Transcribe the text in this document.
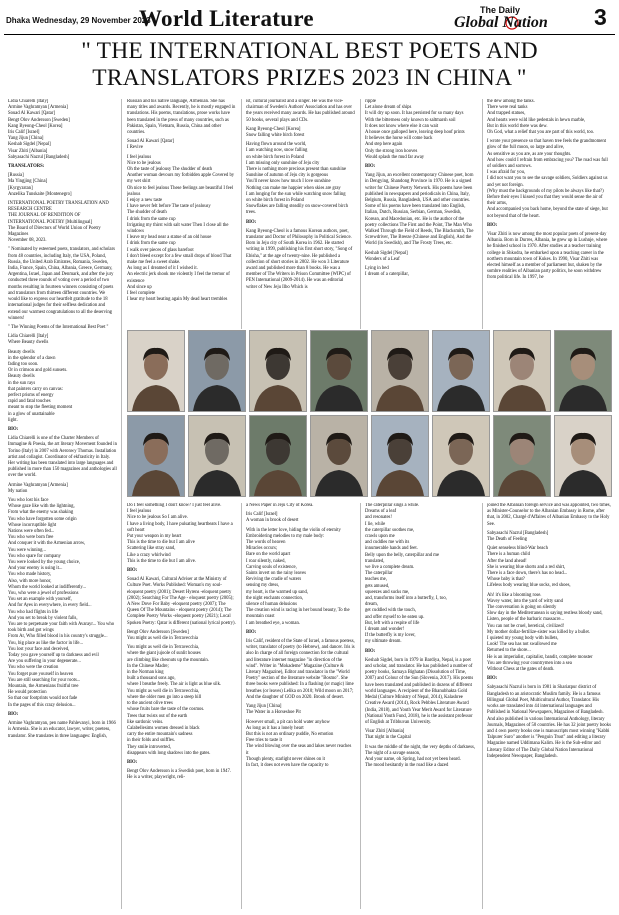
Dhaka Wednesday, 29 November 2023
World Literature	The Daily
Global Nation 3
" THE INTERNATIONAL BEST POETS AND TRANSLATORS PRIZES 2023 IN CHINA "

Lidia Chiarelli [Italy]
Armine Vaghramyan [Armenia]
Souad Al Kawari [Qatar]
Bengt Olov Andersson [Sweden]
Kang Byeong-Cheol [Korea]
Iris Calif [Israel]
Yang Jijun [China]
Keshab Sigdel [Nepal]
Visar Zhiti [Albania]
Sabyasachi Nazrul [Bangladesh]

TRANSLATORS:

[Russia]
Ma Yingjing [China]
[Kyrgyzstan]
Anzelika Tunskaite [Montenegro]

INTERNATIONAL POETRY TRANSLATION AND RESEARCH CENTRE
THE JOURNAL OF RENDITION OF INTERNATIONAL POETRY [Multilingual]
The Board of Directors of World Union of Poetry Magazines
November 08, 2023.

" Nominated by esteemed poets, translators, and scholars from 48 countries, including Italy, the USA, Poland, Russia, the United Arab Emirates, Romania, Sweden, India, France, Spain, China, Albania, Greece, Germany, Argentina, Israel, Japan and Denmark, and after the jury conducted three rounds of voting over a period of two months resulting in fourteen winners consisting of poets and translators from thirteen different countries. We would like to express our heartfelt gratitude to the 18 international judges for their selfless dedication and extend our warmest congratulations to all the deserving winners!

" The Winning Poems of the International Best Poet "

Lidia Chiarelli [Italy]
Where Beauty dwells

Beauty dwells
in the splendor of a dawn
fading too soon.
Or in crimson and gold sunsets.
Beauty dwells
in the sun rays
that painters carry on canvas:
perfect prisms of energy
rapid and fatal touches
meant to stop the fleeting moment
in a glow of unattainable
light.

BIO:

Lidia Chiarelli is one of the Charter Members of Immagine & Poesia, the art literary Movement founded in Torino (Italy) in 2007 with Aeronwy Thomas. Installation artist and collagist. Coordinator of ekfrasticity in Italy. Her writing has been translated into large languages and published in more than 150 magazines and anthologies all over the world.

Armine Vaghramyan [Armenia]
My nation

You who lost his face
Whose gaze like with the lightning,
From what the enemy was shaking
You who have forgotten some origin
Whose incorruptible light
Nations were often fed...
You who were born free
And conquer it with the Armenian arrow,
You were winning...
You who spare for company
You were looked by the young choice,
And your enemy is using it...
You who made history,
Also, with more honor,
Whom the world looked at indifferently...
You, who were a jewel of professions
You set an example with yourself,
And for Ayes in everywhere, in every field...
You who had flights in life
And you set to break by violent falls,
You are to perpetuate your faith with Avarayr... You who took birth and got wings
From Ar, Who filled blood in his country's struggle...
You, big place as like the factor in life...
You lost your face and deceived,
Today you gave yourself up to darkness and evil
Are you suffering in your degenerate...
You who were the creation
You forget pure yourself in heaven
You are still searching for your roots...
Mountain, the Armenians fruitful tree
He would protection
So that our footprints would not fade
In the pages of this crazy delusion...

BIO:

Armine Vaghramyan, pen name Pahlevanyi, born in 1966 is Armenia. She is an educator, lawyer, writer, poetess, translator. She translates in three languages: English,

Russian and his native language, Armenian. She has many titles and awards. Recently, he is mostly engaged in translations. His poems, translations, prose works have been translated in the press of many countries, such as Pakistan, Spain, Vietnam, Russia, China and other countries.

Souad Al Kawari [Qatar]
I Revive

I feel jealous
Nice to be jealous
Oh the taste of jealousy The shudder of death
Another woman devours my forbidden apple Covered by my wet shirt
Oh nice to feel jealous These feelings are beautiful I feel jealous
I enjoy a new taste
I have never felt before The taste of jealousy
The shudder of death
I drink from the same cup
Irrigating my thirst with salt water Then I close all the windows
I leave my head near a statue of an old house
I drink from the same cup
I walk over pieces of glass barefoot
I don't bleed except for a few small drops of blood That make me feel a sweet shake.
As long as I dreamed of it I wished it.
An electric jerk shook me violently I feel the tremor of existence
And since up
I feel complete
I hear my heart beating again My dead heart trembles

ist, cultural journalist and a singer. He was the vice-chairman of Sweden's Authors' Association and has over the years received many awards. He has published around 50 books, several plays and CDs.

Kang Byeong-Cheol [Korea]
Snow falling white birch forest

Having flown around the world,
I am watching now, snow falling
on white birch forest in Poland
I am missing only sunshine of Jeju city
There is nothing more precious present than sunshine
Sunshine of autumn of Jeju city is gorgeous
You'll never know how much I love sunshine
Nothing can make me happier when skies are gray
I am longing for the sun while watching snow falling
on white birch forest in Poland
Snowflakes are falling steadily on snow-covered birch trees.

BIO:

Kang Byeong-Cheol is a famous Korean authors, poet, translator and Doctor of Philosophy in Political Science. Born in Jeju city of South Korea in 1962. He started writing in 1999, publishing his first short story, "Song of Ebisha," at the age of twenty-nine. He published a collection of short stories in 2002. He won 3 Literature award and published more than 8 books. He was a member of The Writers in Prison Committee (WIPC) of PEN International (2009-2014). He was an editorial writer of New Jeju Ilbo Which is

ripple
Let alone dream of ships
It will dry up soon. It has persisted for so many days
With the bitterness only known to saltmarsh soil
It does not know where else it can wait
A house once galloped here, leaving deep hoof prints
It believes the horse will come back
And step here again
Only the strong iron hooves
Would splash the mud far away

BIO:

Yang Jijun, an excellent contemporary Chinese poet, born in Dengying, Shandong Province in 1970. He is a signed writer for Chinese Poetry Network. His poems have been published in newspapers and periodicals in China, Italy, Belgium, Russia, Bangladesh, USA and other countries. Some of his poems have been translated into English, Italian, Dutch, Russian, Serbian, German, Swedish, Korean, and Macedonian, etc. He is the author of the poetry collections The First and the Point, The Man Who Walked Through the Field of Reeds, The Blacksmith, The Screwdriver, The Breeze (Chinese and English), And the World (in Swedish), and The Frosty Trees, etc.

Keshab Sigdel [Nepal]
Wonders of a Leaf

Lying in bed
I dream of a caterpillar,

the dew among the tanks.
There were real tanks
And trapped statues,
And hearts were wild like pedestals in hewn marble,
But in this world there was dew.
Oh God, what a relief that you are part of this world, too.

I wrote your presence so that haven tree feels the grandmoment glow of the full moon, so large and alive,
As sensitive as you are, as are your thoughts.
And how could I refrain from embracing you? The road was full of soldiers and sorrows.
I was afraid for you,
I did not want you to see the savage soldiers, Soldiers against us and yet not foreign.
(Why must the backgrounds of my pilots be always like that?)
Before their eyes I kissed you that they would sense the air of their arms,
And accompanied you back home, beyond the state of siege, but not beyond that of the heart.

BIO:

Visar Zhiti is now among the most popular poets of present-day Albania. Born in Durres, Albania, he grew up in Lushnje, where he finished school in 1970. After studies at a teacher training college in Shkodra, he embarked upon a teaching career in the northern mountain town of Kukes. In 1990, Visar Zhiti was elected himself as a member of parliament but, shaken by the sombre realities of Albanian party politics, he soon withdrew from political life. In 1997, he

Do I feel something I don't know? I just feel alive.
I feel jealous
Nice to be jealous So I am alive.
I have a living body, I have pulsating heartbeats I have a soft heart
Put your weapon in my heart
This is the time to die but I am alive
Scattering like stray sand,
Like a crazy whirlwind
This is the time to die but I am alive.

BIO:

Souad Al Kawari, Cultural Adviser at the Ministry of Culture Poet. Works Published: Woman's my soul-eloquent poetry (2001); Desert Hyrens -eloquent poetry (2002); Searching For The Age - eloquent poetry (2005); A New Dove For Baby -eloquent poetry (2007); The Queen Of The Mountains - eloquent poetry (2014); The Complete Poetry Works -eloquent poetry (2021); Local Spoken Poetry: Qatar is different (national lyrical poetry).

Bengt Olov Andersson [Sweden]
You might as well die in Terravecchia

You might as well die in Terravecchia,
where the giant jujoole of sunlit houses
are climbing like chesnuts up the mountain.
In the Chinese Madre;
in the Norman king
built a thousand sons ago,
where I breathe freely. The air is light as blue silk.
You might as well die in Terravecchia,
where the older men go into a steep hill
to the ancient olive trees
whose fruits bare the taste of the cosmos.
Trees that twists out of the earth
like sardonic veins.
Calabellesims women dressed in black
carry the entire mountain's sadness
in their folds and sniffles.
They smile introverted,
disappears with long shadows into the gates.

BIO:

Bengt Olov Andersson is a Swedish poet, born in 1947. He is a writer, playwright, reli-

a News Paper in Jeju City of Korea.

Iris Calif [Israel]
A woman in brook of desert

With in the letter love, hiding the violin of eternity
Embroidering melodies to my male body:
The words of heaven
Miracles occurs;
Bare on the world apart
I roar silently, naked,
Carving souls of existence,
Saints invert on the rainy leaves
Reviving the cradle of waters
sensing my dress,
my heart, is the warmed up sand,
the night enchants connection,
silence of human delusions
The creation wind is racing in her bound beauty, To the mountain coast
I am breathed eye, a woman.

BIO:

Iris Calif, resident of the State of Israel, a famous poetess, writer, translator of poetry (to Hebrew), and dancer. Iris is also In charge of all foreign connection for the cultural and literature internet magazine "in direction of the wind". Writer in "Mokademe" Magazine (Culture & Literary Magazine), Editor and translator in the "World Poetry" section of the literature website "Bosmo". She three books were published: In a flashing (or magic) lime breathes (or leaves) Lelika on 2010; Wild moon on 2017; And the daughter of GOD on 2020. Brook of desert.

Yang Jijun [China]
The Water in a Horseshoe Pit

However small, a pit can hold water anyhow
As long as it has a lonely heart
But this is not an ordinary puddle, No emotion
Free tries to taste it
The wind blowing over the seas and lakes never reaches it
Though plenty, starlight never shines on it
In fact, it does not even have the capacity to

The caterpillar sings a while.
Dreams of a leaf
and resonates!
I lie, while
the caterpillar soothes me,
crawls upon me
and cuddles me with its
innumerable hands and feet.
Belly upon the belly, caterpillar and me
translated,
we live a complete dream.
The caterpillar
teaches me,
gets amused,
squeezes and sucks me,
and, transforms itself into a butterfly, I, too,
dream,
get cuddled with the touch,
and offer myself to be eaten up.
But, left with a respite of life
I dream and wonder!
If the butterfly is my lover,
my ultimate dream.

BIO:

Keshab Sigdel, born in 1979 in Bardiya, Nepal, is a poet and scholar, and translator. He has published a number of poetry books, Samaya Bighatan (Dissolution of Time, 2007) and Colour of the Sun (Slovenia, 2017). His poems have been translated and published in dozens of different world languages. A recipient of the Bhanubhakta Gold Medal (Culture Ministry of Nepal, 2014), Kalashree Creative Award (2014), Rock Pebbles Literature Award (India, 2018), and Youth Year Merit Award for Literature (National Youth Fund, 2018), he is the assistant professor of English at Tribhuvan University.

Visar Zhiti [Albania]
That night in the Capital

It was the middle of the night, the very depths of darkness,
The night of a savage season,
And your name, oh Spring, had not yet been heard.
The mood hesitantly in the road like a dazed

joined the Albanian foreign service and was appointed, two times, as Minister-Counselor to the Albanian Embassy in Rome, after that, in 2002, Chargé d'Affaires of Albanian Embassy to the Holy See.

Sabyasachi Nazrul [Bangladesh]
The Death of Feeling

Quiet senseless blind-War beach
There is a human child
After the land ahead!
She is wearing blue shorts and a red shirt,
There is a face down, there's has no head...
Whose baby is that?
Lifeless body wearing blue socks, red shoes,

Ah! it's like a blooming rose.
Wavey water, into the yard of witty sand
The conversation is going on silently
Slow day in the Mediterranean is saying restless bloody sand,
Listen, people of the barbaric massacre...
You can not be cruel, heretical, civilized!
My mother dollar-fertilize-sister was killed by a bullet.
I quieted my young body with bullets,
Look! The sea has not swallowed me
Returned to the shore...
He is an imperialist, capitalist, bandit, complete monster
You are throwing your countrymen into a sea
Without Chess at the gates of death.

BIO:

Sabyasachi Nazrul is born in 1981 in Shariatpur district of Bangladesh to an aristocratic Muslim family. He is a famous Bilingual Global Poet, Multicultural Author, Translator. His works are translated into 44 international languages and Published in National Newspapers, Magazines of Bangladesh. And also published in various International Anthology, literary Journals, Magazines of 50 countries. He has 32 joint poetry books and 4 own poetry books one is manuscripts most winning "Kabbi Talpurer Suro" another is "Penguin Trust" and editing a literary Magazine named Uddimana Kalim. He is the Sub-editor and Literary Editor of The Daily Global Nation International Independent Newspaper, Bangladesh.
